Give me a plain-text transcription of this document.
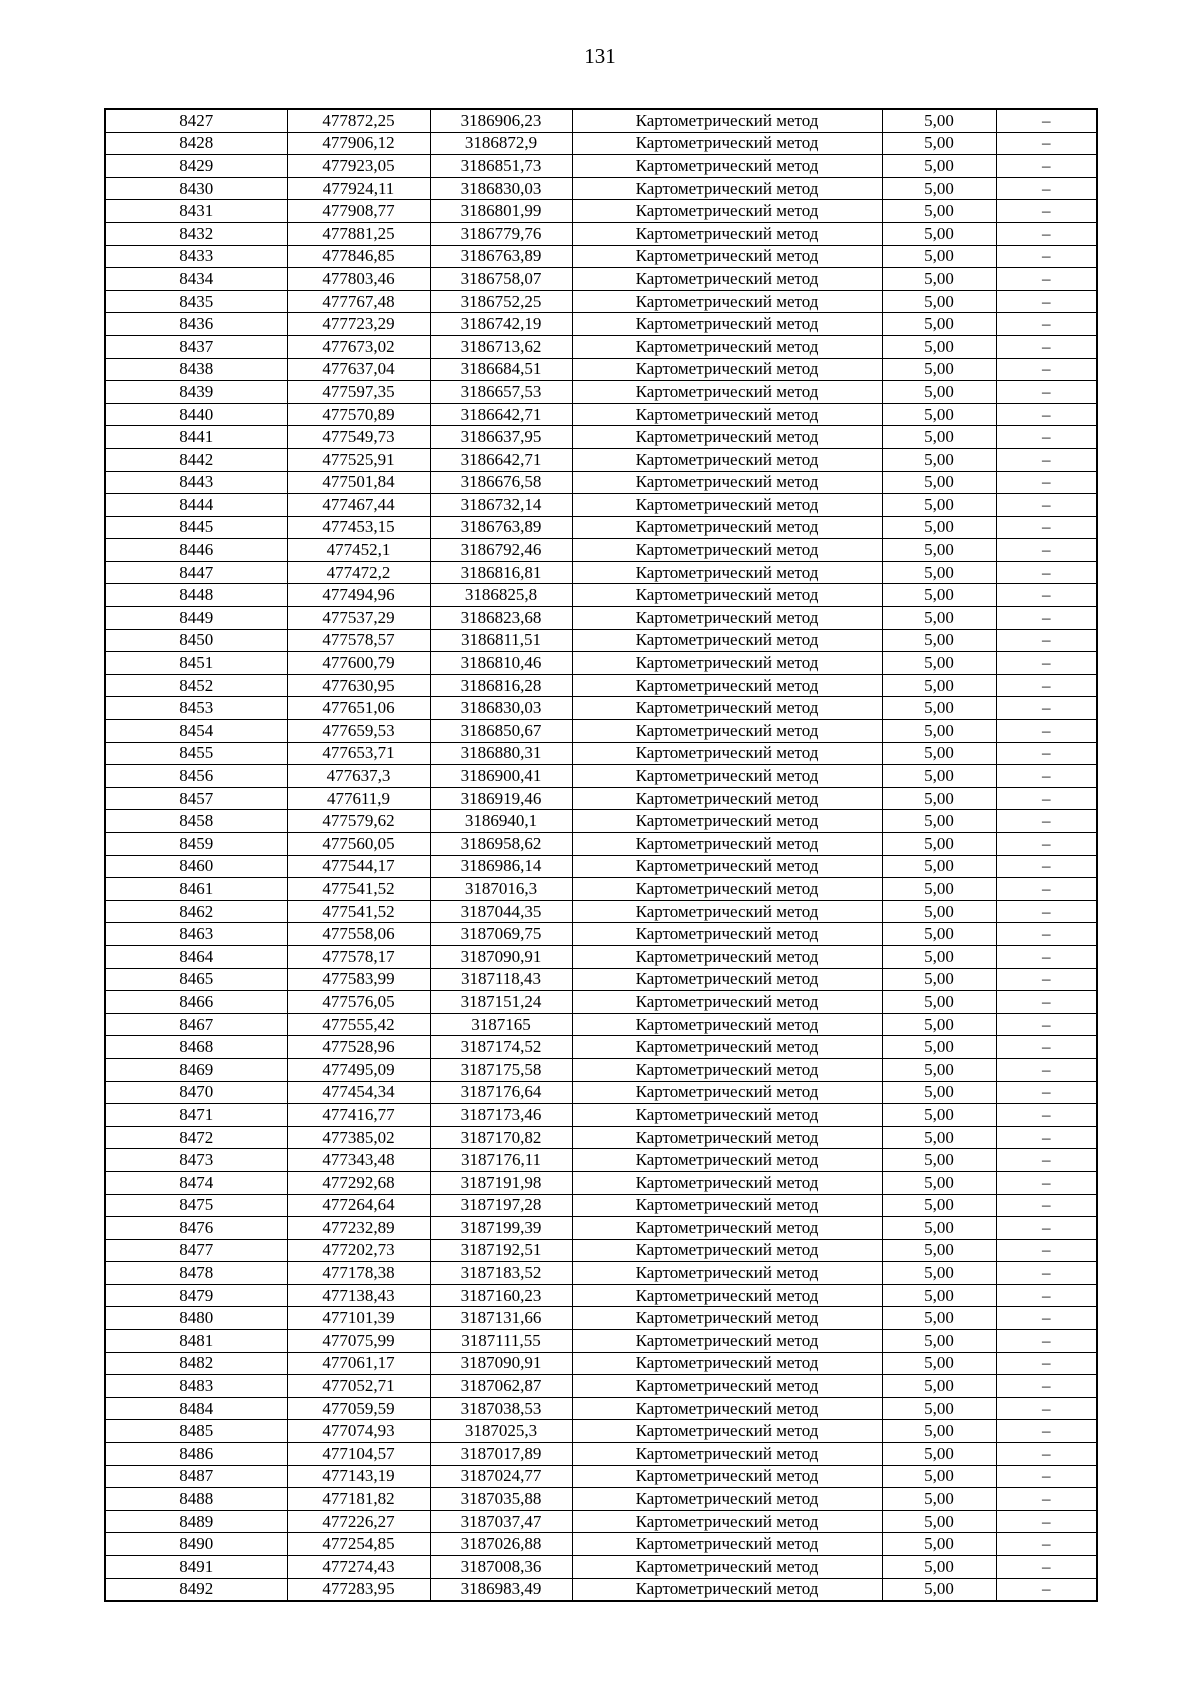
131
8427	477872,25	3186906,23	Картометрический метод	5,00	–
8428	477906,12	3186872,9	Картометрический метод	5,00	–
8429	477923,05	3186851,73	Картометрический метод	5,00	–
8430	477924,11	3186830,03	Картометрический метод	5,00	–
8431	477908,77	3186801,99	Картометрический метод	5,00	–
8432	477881,25	3186779,76	Картометрический метод	5,00	–
8433	477846,85	3186763,89	Картометрический метод	5,00	–
8434	477803,46	3186758,07	Картометрический метод	5,00	–
8435	477767,48	3186752,25	Картометрический метод	5,00	–
8436	477723,29	3186742,19	Картометрический метод	5,00	–
8437	477673,02	3186713,62	Картометрический метод	5,00	–
8438	477637,04	3186684,51	Картометрический метод	5,00	–
8439	477597,35	3186657,53	Картометрический метод	5,00	–
8440	477570,89	3186642,71	Картометрический метод	5,00	–
8441	477549,73	3186637,95	Картометрический метод	5,00	–
8442	477525,91	3186642,71	Картометрический метод	5,00	–
8443	477501,84	3186676,58	Картометрический метод	5,00	–
8444	477467,44	3186732,14	Картометрический метод	5,00	–
8445	477453,15	3186763,89	Картометрический метод	5,00	–
8446	477452,1	3186792,46	Картометрический метод	5,00	–
8447	477472,2	3186816,81	Картометрический метод	5,00	–
8448	477494,96	3186825,8	Картометрический метод	5,00	–
8449	477537,29	3186823,68	Картометрический метод	5,00	–
8450	477578,57	3186811,51	Картометрический метод	5,00	–
8451	477600,79	3186810,46	Картометрический метод	5,00	–
8452	477630,95	3186816,28	Картометрический метод	5,00	–
8453	477651,06	3186830,03	Картометрический метод	5,00	–
8454	477659,53	3186850,67	Картометрический метод	5,00	–
8455	477653,71	3186880,31	Картометрический метод	5,00	–
8456	477637,3	3186900,41	Картометрический метод	5,00	–
8457	477611,9	3186919,46	Картометрический метод	5,00	–
8458	477579,62	3186940,1	Картометрический метод	5,00	–
8459	477560,05	3186958,62	Картометрический метод	5,00	–
8460	477544,17	3186986,14	Картометрический метод	5,00	–
8461	477541,52	3187016,3	Картометрический метод	5,00	–
8462	477541,52	3187044,35	Картометрический метод	5,00	–
8463	477558,06	3187069,75	Картометрический метод	5,00	–
8464	477578,17	3187090,91	Картометрический метод	5,00	–
8465	477583,99	3187118,43	Картометрический метод	5,00	–
8466	477576,05	3187151,24	Картометрический метод	5,00	–
8467	477555,42	3187165	Картометрический метод	5,00	–
8468	477528,96	3187174,52	Картометрический метод	5,00	–
8469	477495,09	3187175,58	Картометрический метод	5,00	–
8470	477454,34	3187176,64	Картометрический метод	5,00	–
8471	477416,77	3187173,46	Картометрический метод	5,00	–
8472	477385,02	3187170,82	Картометрический метод	5,00	–
8473	477343,48	3187176,11	Картометрический метод	5,00	–
8474	477292,68	3187191,98	Картометрический метод	5,00	–
8475	477264,64	3187197,28	Картометрический метод	5,00	–
8476	477232,89	3187199,39	Картометрический метод	5,00	–
8477	477202,73	3187192,51	Картометрический метод	5,00	–
8478	477178,38	3187183,52	Картометрический метод	5,00	–
8479	477138,43	3187160,23	Картометрический метод	5,00	–
8480	477101,39	3187131,66	Картометрический метод	5,00	–
8481	477075,99	3187111,55	Картометрический метод	5,00	–
8482	477061,17	3187090,91	Картометрический метод	5,00	–
8483	477052,71	3187062,87	Картометрический метод	5,00	–
8484	477059,59	3187038,53	Картометрический метод	5,00	–
8485	477074,93	3187025,3	Картометрический метод	5,00	–
8486	477104,57	3187017,89	Картометрический метод	5,00	–
8487	477143,19	3187024,77	Картометрический метод	5,00	–
8488	477181,82	3187035,88	Картометрический метод	5,00	–
8489	477226,27	3187037,47	Картометрический метод	5,00	–
8490	477254,85	3187026,88	Картометрический метод	5,00	–
8491	477274,43	3187008,36	Картометрический метод	5,00	–
8492	477283,95	3186983,49	Картометрический метод	5,00	–
